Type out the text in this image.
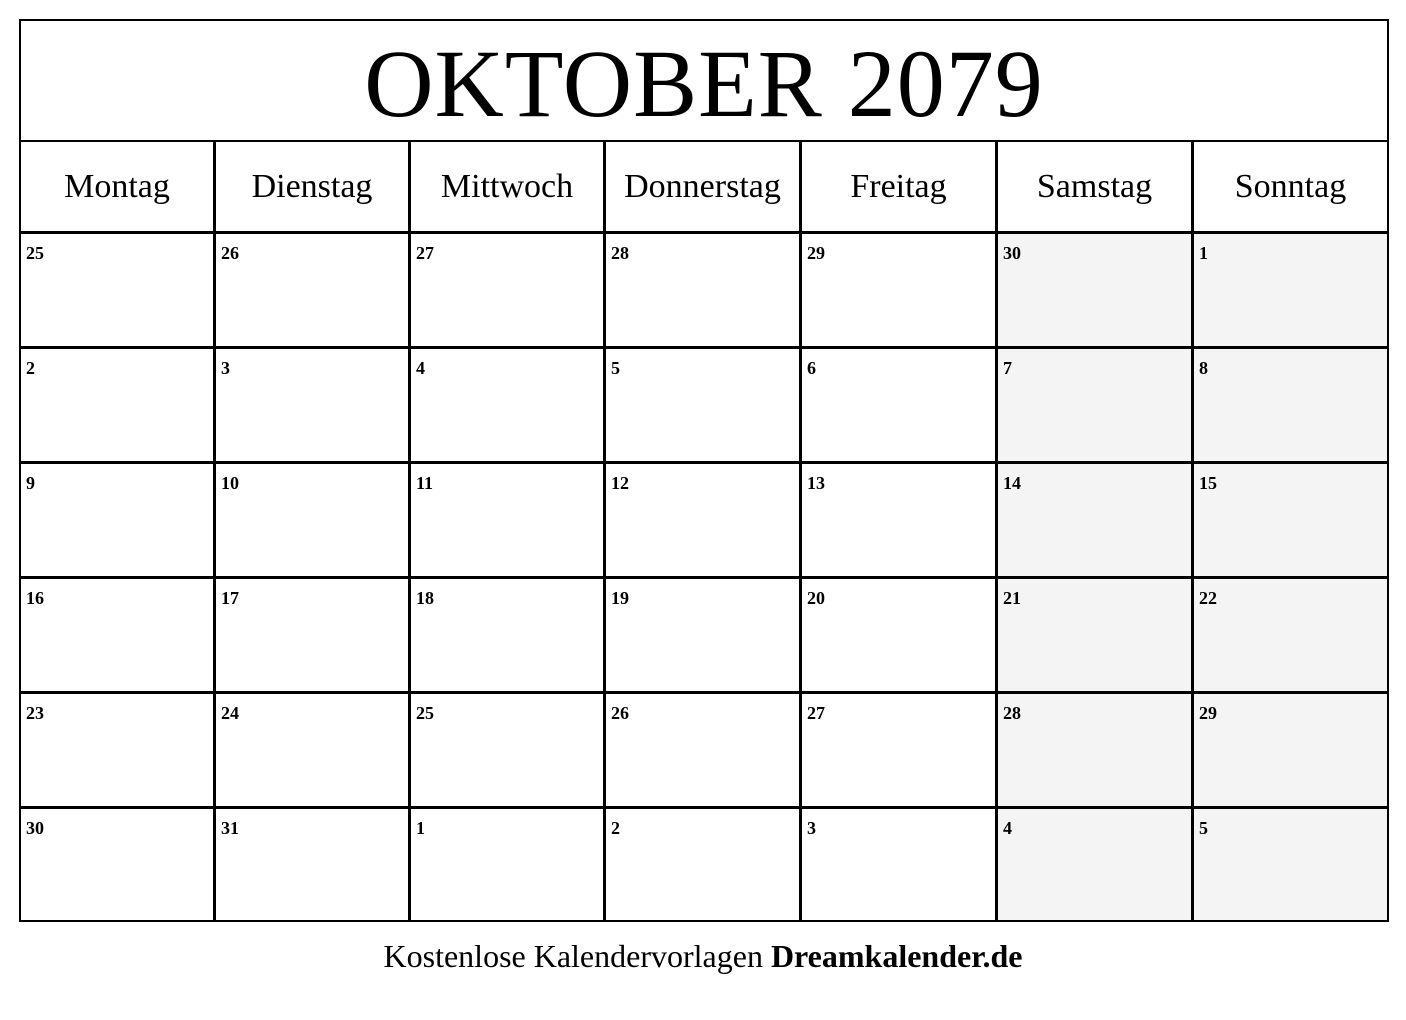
OKTOBER 2079
Montag	Dienstag	Mittwoch	Donnerstag	Freitag	Samstag	Sonntag
25	26	27	28	29	30	1
2	3	4	5	6	7	8
9	10	11	12	13	14	15
16	17	18	19	20	21	22
23	24	25	26	27	28	29
30	31	1	2	3	4	5
Kostenlose Kalendervorlagen Dreamkalender.de
